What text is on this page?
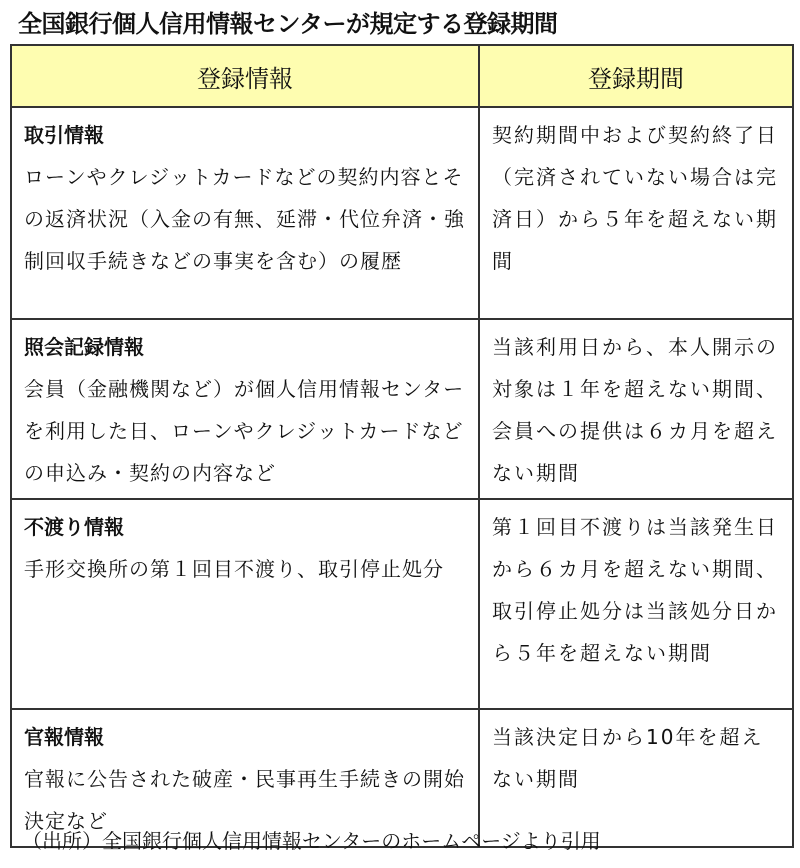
全国銀行個人信用情報センターが規定する登録期間
登録情報	登録期間

取引情報
ローンやクレジットカードなどの契約内容とその返済状況（入金の有無、延滞・代位弁済・強制回収手続きなどの事実を含む）の履歴	契約期間中および契約終了日（完済されていない場合は完済日）から５年を超えない期間

照会記録情報
会員（金融機関など）が個人信用情報センターを利用した日、ローンやクレジットカードなどの申込み・契約の内容など	当該利用日から、本人開示の対象は１年を超えない期間、会員への提供は６カ月を超えない期間

不渡り情報
手形交換所の第１回目不渡り、取引停止処分	第１回目不渡りは当該発生日から６カ月を超えない期間、取引停止処分は当該処分日から５年を超えない期間

官報情報
官報に公告された破産・民事再生手続きの開始決定など	当該決定日から10年を超えない期間
（出所）全国銀行個人信用情報センターのホームページより引用
